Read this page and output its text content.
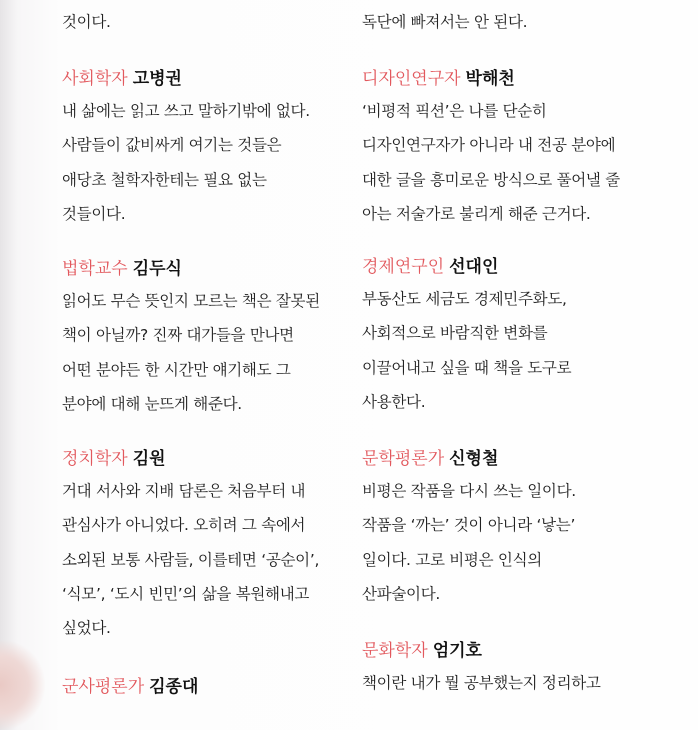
것이다.
사회학자 고병권
내 삶에는 읽고 쓰고 말하기밖에 없다.
사람들이 값비싸게 여기는 것들은
애당초 철학자한테는 필요 없는
것들이다.
법학교수 김두식
읽어도 무슨 뜻인지 모르는 책은 잘못된
책이 아닐까? 진짜 대가들을 만나면
어떤 분야든 한 시간만 얘기해도 그
분야에 대해 눈뜨게 해준다.
정치학자 김원
거대 서사와 지배 담론은 처음부터 내
관심사가 아니었다. 오히려 그 속에서
소외된 보통 사람들, 이를테면 ‘공순이’,
‘식모’, ‘도시 빈민’의 삶을 복원해내고
싶었다.
군사평론가 김종대
독단에 빠져서는 안 된다.
디자인연구자 박해천
‘비평적 픽션’은 나를 단순히
디자인연구자가 아니라 내 전공 분야에
대한 글을 흥미로운 방식으로 풀어낼 줄
아는 저술가로 불리게 해준 근거다.
경제연구인 선대인
부동산도 세금도 경제민주화도,
사회적으로 바람직한 변화를
이끌어내고 싶을 때 책을 도구로
사용한다.
문학평론가 신형철
비평은 작품을 다시 쓰는 일이다.
작품을 ‘까는’ 것이 아니라 ‘낳는’
일이다. 고로 비평은 인식의
산파술이다.
문화학자 엄기호
책이란 내가 뭘 공부했는지 정리하고
